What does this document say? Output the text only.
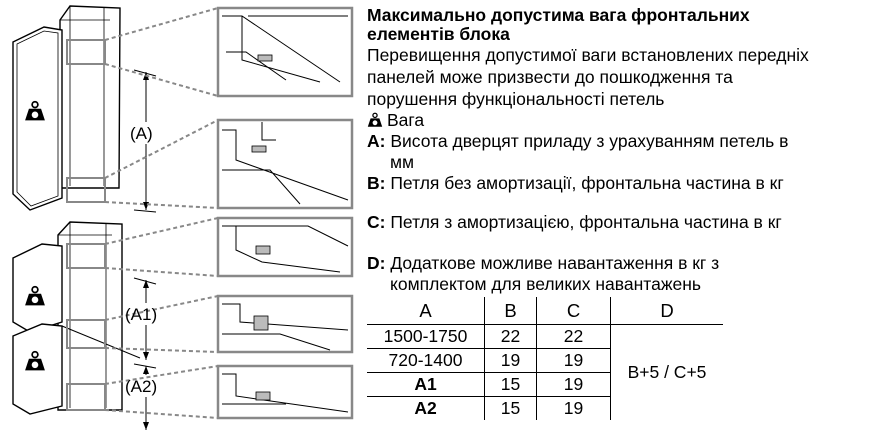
(A)
(A1)
(A2)
Максимально допустима вага фронтальних
елементів блока
Перевищення допустимої ваги встановлених передніх
панелей може призвести до пошкодження та
порушення функціональності петель
Вага
A: Висота дверцят приладу з урахуванням петель в
мм
B: Петля без амортизації, фронтальна частина в кг
C: Петля з амортизацією, фронтальна частина в кг
D: Додаткове можливе навантаження в кг з
комплектом для великих навантажень
A	B	C	D
1500-1750	22	22	B+5 / C+5
720-1400	19	19	
A1	15	19	
A2	15	19	
